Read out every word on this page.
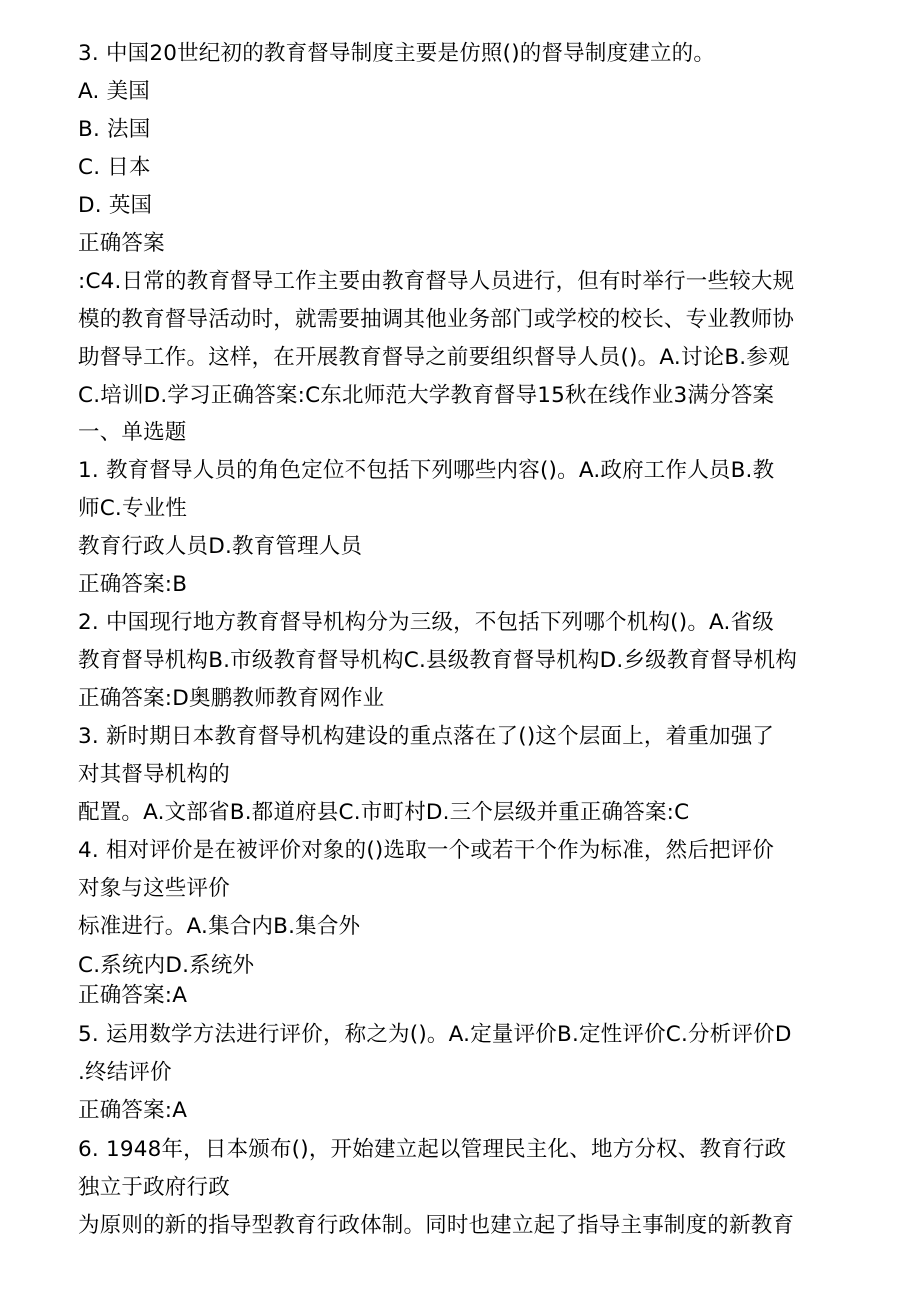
3. 中国20世纪初的教育督导制度主要是仿照()的督导制度建立的。
A. 美国
B. 法国
C. 日本
D. 英国
正确答案
:C4.日常的教育督导工作主要由教育督导人员进行，但有时举行一些较大规
模的教育督导活动时，就需要抽调其他业务部门或学校的校长、专业教师协
助督导工作。这样，在开展教育督导之前要组织督导人员()。A.讨论B.参观
C.培训D.学习正确答案:C东北师范大学教育督导15秋在线作业3满分答案
一、单选题
1. 教育督导人员的角色定位不包括下列哪些内容()。A.政府工作人员B.教
师C.专业性
教育行政人员D.教育管理人员
正确答案:B
2. 中国现行地方教育督导机构分为三级，不包括下列哪个机构()。A.省级
教育督导机构B.市级教育督导机构C.县级教育督导机构D.乡级教育督导机构
正确答案:D奥鹏教师教育网作业
3. 新时期日本教育督导机构建设的重点落在了()这个层面上，着重加强了
对其督导机构的
配置。A.文部省B.都道府县C.市町村D.三个层级并重正确答案:C
4. 相对评价是在被评价对象的()选取一个或若干个作为标准，然后把评价
对象与这些评价
标准进行。A.集合内B.集合外
C.系统内D.系统外
正确答案:A
5. 运用数学方法进行评价，称之为()。A.定量评价B.定性评价C.分析评价D
.终结评价
正确答案:A
6. 1948年，日本颁布()，开始建立起以管理民主化、地方分权、教育行政
独立于政府行政
为原则的新的指导型教育行政体制。同时也建立起了指导主事制度的新教育
